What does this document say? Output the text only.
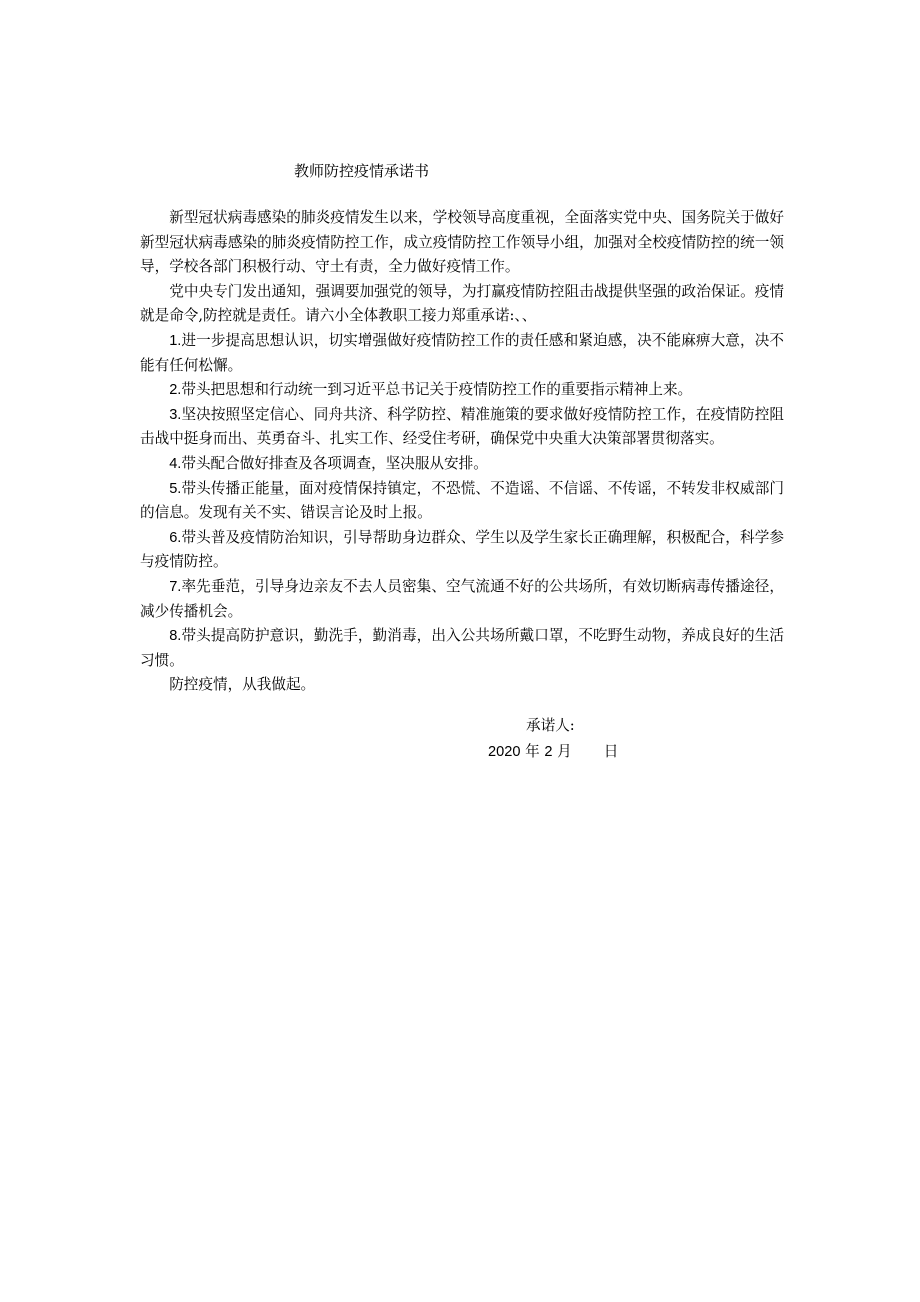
教师防控疫情承诺书

新型冠状病毒感染的肺炎疫情发生以来，学校领导高度重视，全面落实党中央、国务院关于做好新型冠状病毒感染的肺炎疫情防控工作，成立疫情防控工作领导小组，加强对全校疫情防控的统一领导，学校各部门积极行动、守土有责，全力做好疫情工作。

党中央专门发出通知，强调要加强党的领导，为打赢疫情防控阻击战提供坚强的政治保证。疫情就是命令,防控就是责任。请六小全体教职工接力郑重承诺:、、

1.进一步提高思想认识，切实增强做好疫情防控工作的责任感和紧迫感，决不能麻痹大意，决不能有任何松懈。

2.带头把思想和行动统一到习近平总书记关于疫情防控工作的重要指示精神上来。

3.坚决按照坚定信心、同舟共济、科学防控、精准施策的要求做好疫情防控工作，在疫情防控阻击战中挺身而出、英勇奋斗、扎实工作、经受住考研，确保党中央重大决策部署贯彻落实。

4.带头配合做好排查及各项调查，坚决服从安排。

5.带头传播正能量，面对疫情保持镇定，不恐慌、不造谣、不信谣、不传谣，不转发非权威部门的信息。发现有关不实、错误言论及时上报。

6.带头普及疫情防治知识，引导帮助身边群众、学生以及学生家长正确理解，积极配合，科学参与疫情防控。

7.率先垂范，引导身边亲友不去人员密集、空气流通不好的公共场所，有效切断病毒传播途径，减少传播机会。

8.带头提高防护意识，勤洗手，勤消毒，出入公共场所戴口罩，不吃野生动物，养成良好的生活习惯。

防控疫情，从我做起。

承诺人:
2020 年 2 月 日
